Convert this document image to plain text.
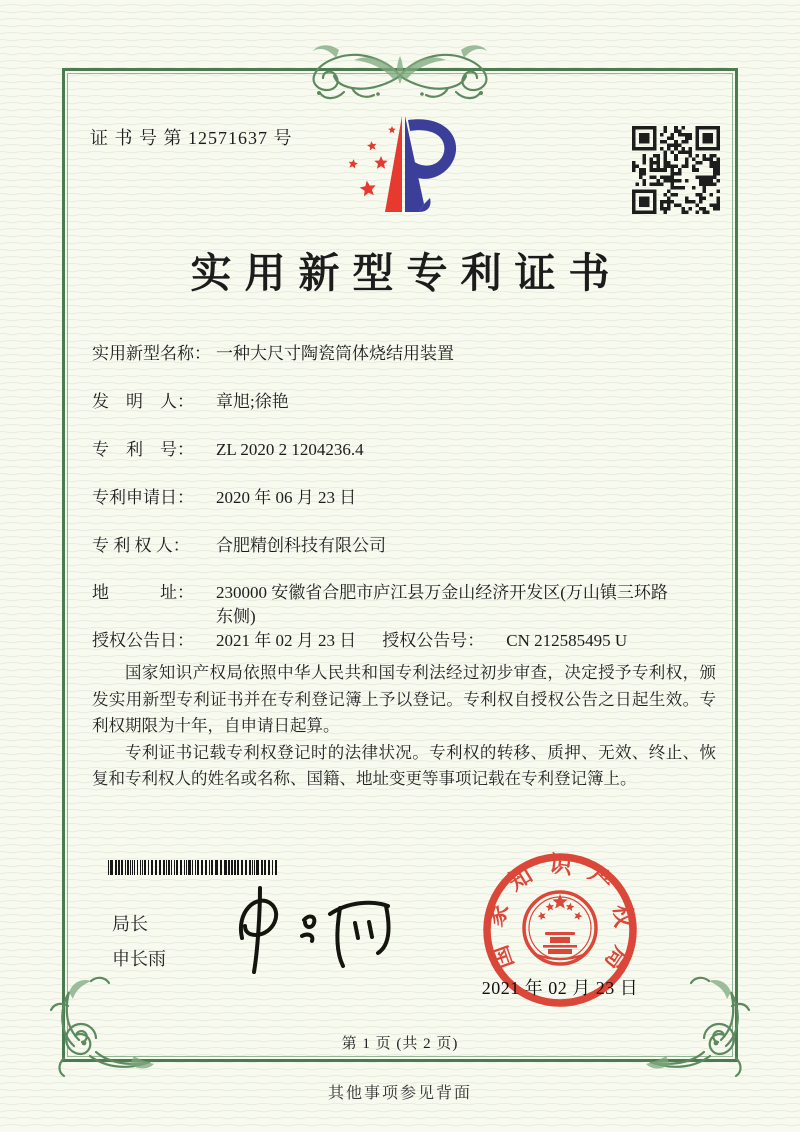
证 书 号 第 12571637 号
实用新型专利证书
实用新型名称： 一种大尺寸陶瓷筒体烧结用装置
发　明　人： 章旭;徐艳
专　利　号： ZL 2020 2 1204236.4
专利申请日： 2020 年 06 月 23 日
专 利 权 人： 合肥精创科技有限公司
地　　　址： 230000 安徽省合肥市庐江县万金山经济开发区(万山镇三环路东侧)
授权公告日： 2021 年 02 月 23 日 授权公告号： CN 212585495 U

国家知识产权局依照中华人民共和国专利法经过初步审查，决定授予专利权，颁发实用新型专利证书并在专利登记簿上予以登记。专利权自授权公告之日起生效。专利权期限为十年，自申请日起算。

专利证书记载专利权登记时的法律状况。专利权的转移、质押、无效、终止、恢复和专利权人的姓名或名称、国籍、地址变更等事项记载在专利登记簿上。

局长
申长雨	国家知识产权局
2021 年 02 月 23 日
第 1 页 (共 2 页)
其他事项参见背面
